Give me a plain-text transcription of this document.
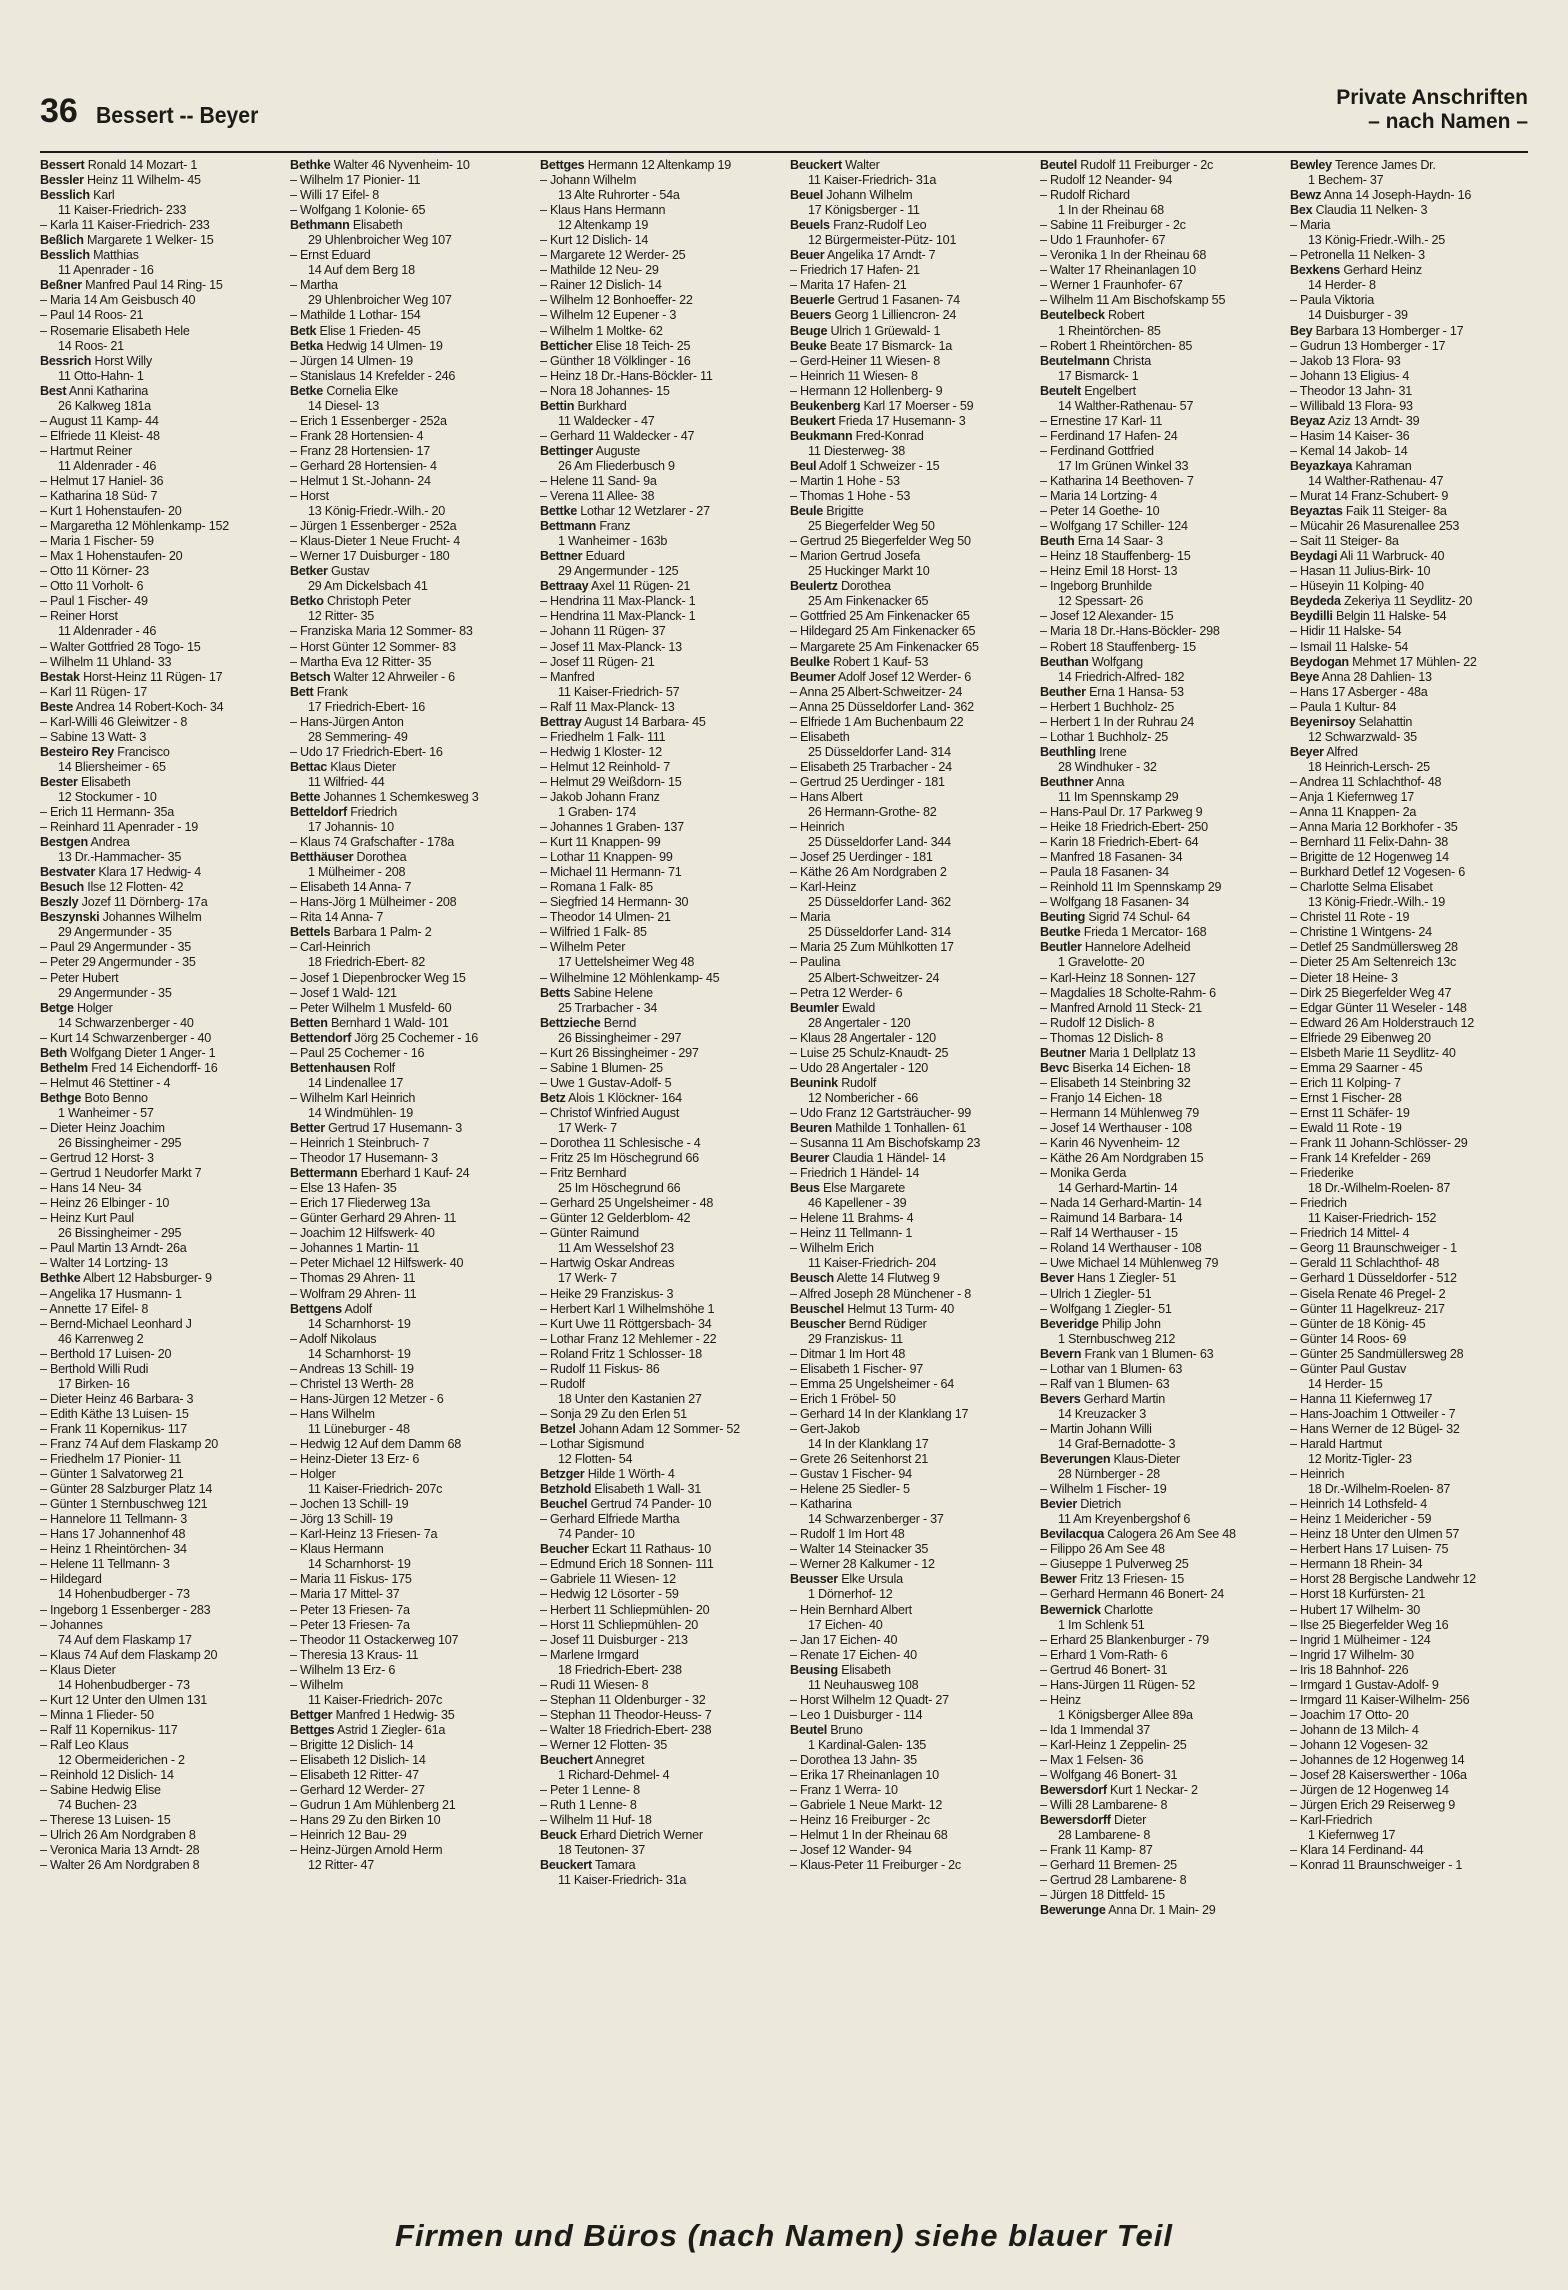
36 Bessert -- Beyer
Private Anschriften
– nach Namen –
Bessert Ronald 14 Mozart- 1
Bessler Heinz 11 Wilhelm- 45
Besslich Karl
11 Kaiser-Friedrich- 233
– Karla 11 Kaiser-Friedrich- 233
Beßlich Margarete 1 Welker- 15
Besslich Matthias
11 Apenrader - 16
Beßner Manfred Paul 14 Ring- 15
– Maria 14 Am Geisbusch 40
– Paul 14 Roos- 21
– Rosemarie Elisabeth Hele
14 Roos- 21
Bessrich Horst Willy
11 Otto-Hahn- 1
Best Anni Katharina
26 Kalkweg 181a
– August 11 Kamp- 44
– Elfriede 11 Kleist- 48
– Hartmut Reiner
11 Aldenrader - 46
– Helmut 17 Haniel- 36
– Katharina 18 Süd- 7
– Kurt 1 Hohenstaufen- 20
– Margaretha 12 Möhlenkamp- 152
– Maria 1 Fischer- 59
– Max 1 Hohenstaufen- 20
– Otto 11 Körner- 23
– Otto 11 Vorholt- 6
– Paul 1 Fischer- 49
– Reiner Horst
11 Aldenrader - 46
– Walter Gottfried 28 Togo- 15
– Wilhelm 11 Uhland- 33
Bestak Horst-Heinz 11 Rügen- 17
– Karl 11 Rügen- 17
Beste Andrea 14 Robert-Koch- 34
– Karl-Willi 46 Gleiwitzer - 8
– Sabine 13 Watt- 3
Besteiro Rey Francisco
14 Bliersheimer - 65
Bester Elisabeth
12 Stockumer - 10
– Erich 11 Hermann- 35a
– Reinhard 11 Apenrader - 19
Bestgen Andrea
13 Dr.-Hammacher- 35
Bestvater Klara 17 Hedwig- 4
Besuch Ilse 12 Flotten- 42
Beszly Jozef 11 Dörnberg- 17a
Beszynski Johannes Wilhelm
29 Angermunder - 35
– Paul 29 Angermunder - 35
– Peter 29 Angermunder - 35
– Peter Hubert
29 Angermunder - 35
Betge Holger
14 Schwarzenberger - 40
– Kurt 14 Schwarzenberger - 40
Beth Wolfgang Dieter 1 Anger- 1
Bethelm Fred 14 Eichendorff- 16
– Helmut 46 Stettiner - 4
Bethge Boto Benno
1 Wanheimer - 57
– Dieter Heinz Joachim
26 Bissingheimer - 295
– Gertrud 12 Horst- 3
– Gertrud 1 Neudorfer Markt 7
– Hans 14 Neu- 34
– Heinz 26 Elbinger - 10
– Heinz Kurt Paul
26 Bissingheimer - 295
– Paul Martin 13 Arndt- 26a
– Walter 14 Lortzing- 13
Bethke Albert 12 Habsburger- 9
– Angelika 17 Husmann- 1
– Annette 17 Eifel- 8
– Bernd-Michael Leonhard J
46 Karrenweg 2
– Berthold 17 Luisen- 20
– Berthold Willi Rudi
17 Birken- 16
– Dieter Heinz 46 Barbara- 3
– Edith Käthe 13 Luisen- 15
– Frank 11 Kopernikus- 117
– Franz 74 Auf dem Flaskamp 20
– Friedhelm 17 Pionier- 11
– Günter 1 Salvatorweg 21
– Günter 28 Salzburger Platz 14
– Günter 1 Sternbuschweg 121
– Hannelore 11 Tellmann- 3
– Hans 17 Johannenhof 48
– Heinz 1 Rheintörchen- 34
– Helene 11 Tellmann- 3
– Hildegard
14 Hohenbudberger - 73
– Ingeborg 1 Essenberger - 283
– Johannes
74 Auf dem Flaskamp 17
– Klaus 74 Auf dem Flaskamp 20
– Klaus Dieter
14 Hohenbudberger - 73
– Kurt 12 Unter den Ulmen 131
– Minna 1 Flieder- 50
– Ralf 11 Kopernikus- 117
– Ralf Leo Klaus
12 Obermeiderichen - 2
– Reinhold 12 Dislich- 14
– Sabine Hedwig Elise
74 Buchen- 23
– Therese 13 Luisen- 15
– Ulrich 26 Am Nordgraben 8
– Veronica Maria 13 Arndt- 28
– Walter 26 Am Nordgraben 8
Bethke Walter 46 Nyvenheim- 10
– Wilhelm 17 Pionier- 11
– Willi 17 Eifel- 8
– Wolfgang 1 Kolonie- 65
Bethmann Elisabeth
29 Uhlenbroicher Weg 107
– Ernst Eduard
14 Auf dem Berg 18
– Martha
29 Uhlenbroicher Weg 107
– Mathilde 1 Lothar- 154
Betk Elise 1 Frieden- 45
Betka Hedwig 14 Ulmen- 19
– Jürgen 14 Ulmen- 19
– Stanislaus 14 Krefelder - 246
Betke Cornelia Elke
14 Diesel- 13
– Erich 1 Essenberger - 252a
– Frank 28 Hortensien- 4
– Franz 28 Hortensien- 17
– Gerhard 28 Hortensien- 4
– Helmut 1 St.-Johann- 24
– Horst
13 König-Friedr.-Wilh.- 20
– Jürgen 1 Essenberger - 252a
– Klaus-Dieter 1 Neue Frucht- 4
– Werner 17 Duisburger - 180
Betker Gustav
29 Am Dickelsbach 41
Betko Christoph Peter
12 Ritter- 35
– Franziska Maria 12 Sommer- 83
– Horst Günter 12 Sommer- 83
– Martha Eva 12 Ritter- 35
Betsch Walter 12 Ahrweiler - 6
Bett Frank
17 Friedrich-Ebert- 16
– Hans-Jürgen Anton
28 Semmering- 49
– Udo 17 Friedrich-Ebert- 16
Bettac Klaus Dieter
11 Wilfried- 44
Bette Johannes 1 Schemkesweg 3
Betteldorf Friedrich
17 Johannis- 10
– Klaus 74 Grafschafter - 178a
Betthäuser Dorothea
1 Mülheimer - 208
– Elisabeth 14 Anna- 7
– Hans-Jörg 1 Mülheimer - 208
– Rita 14 Anna- 7
Bettels Barbara 1 Palm- 2
– Carl-Heinrich
18 Friedrich-Ebert- 82
– Josef 1 Diepenbrocker Weg 15
– Josef 1 Wald- 121
– Peter Wilhelm 1 Musfeld- 60
Betten Bernhard 1 Wald- 101
Bettendorf Jörg 25 Cochemer - 16
– Paul 25 Cochemer - 16
Bettenhausen Rolf
14 Lindenallee 17
– Wilhelm Karl Heinrich
14 Windmühlen- 19
Better Gertrud 17 Husemann- 3
– Heinrich 1 Steinbruch- 7
– Theodor 17 Husemann- 3
Bettermann Eberhard 1 Kauf- 24
– Else 13 Hafen- 35
– Erich 17 Fliederweg 13a
– Günter Gerhard 29 Ahren- 11
– Joachim 12 Hilfswerk- 40
– Johannes 1 Martin- 11
– Peter Michael 12 Hilfswerk- 40
– Thomas 29 Ahren- 11
– Wolfram 29 Ahren- 11
Bettgens Adolf
14 Scharnhorst- 19
– Adolf Nikolaus
14 Scharnhorst- 19
– Andreas 13 Schill- 19
– Christel 13 Werth- 28
– Hans-Jürgen 12 Metzer - 6
– Hans Wilhelm
11 Lüneburger - 48
– Hedwig 12 Auf dem Damm 68
– Heinz-Dieter 13 Erz- 6
– Holger
11 Kaiser-Friedrich- 207c
– Jochen 13 Schill- 19
– Jörg 13 Schill- 19
– Karl-Heinz 13 Friesen- 7a
– Klaus Hermann
14 Scharnhorst- 19
– Maria 11 Fiskus- 175
– Maria 17 Mittel- 37
– Peter 13 Friesen- 7a
– Peter 13 Friesen- 7a
– Theodor 11 Ostackerweg 107
– Theresia 13 Kraus- 11
– Wilhelm 13 Erz- 6
– Wilhelm
11 Kaiser-Friedrich- 207c
Bettger Manfred 1 Hedwig- 35
Bettges Astrid 1 Ziegler- 61a
– Brigitte 12 Dislich- 14
– Elisabeth 12 Dislich- 14
– Elisabeth 12 Ritter- 47
– Gerhard 12 Werder- 27
– Gudrun 1 Am Mühlenberg 21
– Hans 29 Zu den Birken 10
– Heinrich 12 Bau- 29
– Heinz-Jürgen Arnold Herm
12 Ritter- 47
Bettges Hermann 12 Altenkamp 19
– Johann Wilhelm
13 Alte Ruhrorter - 54a
– Klaus Hans Hermann
12 Altenkamp 19
– Kurt 12 Dislich- 14
– Margarete 12 Werder- 25
– Mathilde 12 Neu- 29
– Rainer 12 Dislich- 14
– Wilhelm 12 Bonhoeffer- 22
– Wilhelm 12 Eupener - 3
– Wilhelm 1 Moltke- 62
Betticher Elise 18 Teich- 25
– Günther 18 Völklinger - 16
– Heinz 18 Dr.-Hans-Böckler- 11
– Nora 18 Johannes- 15
Bettin Burkhard
11 Waldecker - 47
– Gerhard 11 Waldecker - 47
Bettinger Auguste
26 Am Fliederbusch 9
– Helene 11 Sand- 9a
– Verena 11 Allee- 38
Bettke Lothar 12 Wetzlarer - 27
Bettmann Franz
1 Wanheimer - 163b
Bettner Eduard
29 Angermunder - 125
Bettraay Axel 11 Rügen- 21
– Hendrina 11 Max-Planck- 1
– Hendrina 11 Max-Planck- 1
– Johann 11 Rügen- 37
– Josef 11 Max-Planck- 13
– Josef 11 Rügen- 21
– Manfred
11 Kaiser-Friedrich- 57
– Ralf 11 Max-Planck- 13
Bettray August 14 Barbara- 45
– Friedhelm 1 Falk- 111
– Hedwig 1 Kloster- 12
– Helmut 12 Reinhold- 7
– Helmut 29 Weißdorn- 15
– Jakob Johann Franz
1 Graben- 174
– Johannes 1 Graben- 137
– Kurt 11 Knappen- 99
– Lothar 11 Knappen- 99
– Michael 11 Hermann- 71
– Romana 1 Falk- 85
– Siegfried 14 Hermann- 30
– Theodor 14 Ulmen- 21
– Wilfried 1 Falk- 85
– Wilhelm Peter
17 Uettelsheimer Weg 48
– Wilhelmine 12 Möhlenkamp- 45
Betts Sabine Helene
25 Trarbacher - 34
Bettzieche Bernd
26 Bissingheimer - 297
– Kurt 26 Bissingheimer - 297
– Sabine 1 Blumen- 25
– Uwe 1 Gustav-Adolf- 5
Betz Alois 1 Klöckner- 164
– Christof Winfried August
17 Werk- 7
– Dorothea 11 Schlesische - 4
– Fritz 25 Im Höschegrund 66
– Fritz Bernhard
25 Im Höschegrund 66
– Gerhard 25 Ungelsheimer - 48
– Günter 12 Gelderblom- 42
– Günter Raimund
11 Am Wesselshof 23
– Hartwig Oskar Andreas
17 Werk- 7
– Heike 29 Franziskus- 3
– Herbert Karl 1 Wilhelmshöhe 1
– Kurt Uwe 11 Röttgersbach- 34
– Lothar Franz 12 Mehlemer - 22
– Roland Fritz 1 Schlosser- 18
– Rudolf 11 Fiskus- 86
– Rudolf
18 Unter den Kastanien 27
– Sonja 29 Zu den Erlen 51
Betzel Johann Adam 12 Sommer- 52
– Lothar Sigismund
12 Flotten- 54
Betzger Hilde 1 Wörth- 4
Betzhold Elisabeth 1 Wall- 31
Beuchel Gertrud 74 Pander- 10
– Gerhard Elfriede Martha
74 Pander- 10
Beucher Eckart 11 Rathaus- 10
– Edmund Erich 18 Sonnen- 111
– Gabriele 11 Wiesen- 12
– Hedwig 12 Lösorter - 59
– Herbert 11 Schliepmühlen- 20
– Horst 11 Schliepmühlen- 20
– Josef 11 Duisburger - 213
– Marlene Irmgard
18 Friedrich-Ebert- 238
– Rudi 11 Wiesen- 8
– Stephan 11 Oldenburger - 32
– Stephan 11 Theodor-Heuss- 7
– Walter 18 Friedrich-Ebert- 238
– Werner 12 Flotten- 35
Beuchert Annegret
1 Richard-Dehmel- 4
– Peter 1 Lenne- 8
– Ruth 1 Lenne- 8
– Wilhelm 11 Huf- 18
Beuck Erhard Dietrich Werner
18 Teutonen- 37
Beuckert Tamara
11 Kaiser-Friedrich- 31a
Beuckert Walter
11 Kaiser-Friedrich- 31a
Beuel Johann Wilhelm
17 Königsberger - 11
Beuels Franz-Rudolf Leo
12 Bürgermeister-Pütz- 101
Beuer Angelika 17 Arndt- 7
– Friedrich 17 Hafen- 21
– Marita 17 Hafen- 21
Beuerle Gertrud 1 Fasanen- 74
Beuers Georg 1 Lilliencron- 24
Beuge Ulrich 1 Grüewald- 1
Beuke Beate 17 Bismarck- 1a
– Gerd-Heiner 11 Wiesen- 8
– Heinrich 11 Wiesen- 8
– Hermann 12 Hollenberg- 9
Beukenberg Karl 17 Moerser - 59
Beukert Frieda 17 Husemann- 3
Beukmann Fred-Konrad
11 Diesterweg- 38
Beul Adolf 1 Schweizer - 15
– Martin 1 Hohe - 53
– Thomas 1 Hohe - 53
Beule Brigitte
25 Biegerfelder Weg 50
– Gertrud 25 Biegerfelder Weg 50
– Marion Gertrud Josefa
25 Huckinger Markt 10
Beulertz Dorothea
25 Am Finkenacker 65
– Gottfried 25 Am Finkenacker 65
– Hildegard 25 Am Finkenacker 65
– Margarete 25 Am Finkenacker 65
Beulke Robert 1 Kauf- 53
Beumer Adolf Josef 12 Werder- 6
– Anna 25 Albert-Schweitzer- 24
– Anna 25 Düsseldorfer Land- 362
– Elfriede 1 Am Buchenbaum 22
– Elisabeth
25 Düsseldorfer Land- 314
– Elisabeth 25 Trarbacher - 24
– Gertrud 25 Uerdinger - 181
– Hans Albert
26 Hermann-Grothe- 82
– Heinrich
25 Düsseldorfer Land- 344
– Josef 25 Uerdinger - 181
– Käthe 26 Am Nordgraben 2
– Karl-Heinz
25 Düsseldorfer Land- 362
– Maria
25 Düsseldorfer Land- 314
– Maria 25 Zum Mühlkotten 17
– Paulina
25 Albert-Schweitzer- 24
– Petra 12 Werder- 6
Beumler Ewald
28 Angertaler - 120
– Klaus 28 Angertaler - 120
– Luise 25 Schulz-Knaudt- 25
– Udo 28 Angertaler - 120
Beunink Rudolf
12 Nombericher - 66
– Udo Franz 12 Gartsträucher- 99
Beuren Mathilde 1 Tonhallen- 61
– Susanna 11 Am Bischofskamp 23
Beurer Claudia 1 Händel- 14
– Friedrich 1 Händel- 14
Beus Else Margarete
46 Kapellener - 39
– Helene 11 Brahms- 4
– Heinz 11 Tellmann- 1
– Wilhelm Erich
11 Kaiser-Friedrich- 204
Beusch Alette 14 Flutweg 9
– Alfred Joseph 28 Münchener - 8
Beuschel Helmut 13 Turm- 40
Beuscher Bernd Rüdiger
29 Franziskus- 11
– Ditmar 1 Im Hort 48
– Elisabeth 1 Fischer- 97
– Emma 25 Ungelsheimer - 64
– Erich 1 Fröbel- 50
– Gerhard 14 In der Klanklang 17
– Gert-Jakob
14 In der Klanklang 17
– Grete 26 Seitenhorst 21
– Gustav 1 Fischer- 94
– Helene 25 Siedler- 5
– Katharina
14 Schwarzenberger - 37
– Rudolf 1 Im Hort 48
– Walter 14 Steinacker 35
– Werner 28 Kalkumer - 12
Beusser Elke Ursula
1 Dörnerhof- 12
– Hein Bernhard Albert
17 Eichen- 40
– Jan 17 Eichen- 40
– Renate 17 Eichen- 40
Beusing Elisabeth
11 Neuhausweg 108
– Horst Wilhelm 12 Quadt- 27
– Leo 1 Duisburger - 114
Beutel Bruno
1 Kardinal-Galen- 135
– Dorothea 13 Jahn- 35
– Erika 17 Rheinanlagen 10
– Franz 1 Werra- 10
– Gabriele 1 Neue Markt- 12
– Heinz 16 Freiburger - 2c
– Helmut 1 In der Rheinau 68
– Josef 12 Wander- 94
– Klaus-Peter 11 Freiburger - 2c
Beutel Rudolf 11 Freiburger - 2c
– Rudolf 12 Neander- 94
– Rudolf Richard
1 In der Rheinau 68
– Sabine 11 Freiburger - 2c
– Udo 1 Fraunhofer- 67
– Veronika 1 In der Rheinau 68
– Walter 17 Rheinanlagen 10
– Werner 1 Fraunhofer- 67
– Wilhelm 11 Am Bischofskamp 55
Beutelbeck Robert
1 Rheintörchen- 85
– Robert 1 Rheintörchen- 85
Beutelmann Christa
17 Bismarck- 1
Beutelt Engelbert
14 Walther-Rathenau- 57
– Ernestine 17 Karl- 11
– Ferdinand 17 Hafen- 24
– Ferdinand Gottfried
17 Im Grünen Winkel 33
– Katharina 14 Beethoven- 7
– Maria 14 Lortzing- 4
– Peter 14 Goethe- 10
– Wolfgang 17 Schiller- 124
Beuth Erna 14 Saar- 3
– Heinz 18 Stauffenberg- 15
– Heinz Emil 18 Horst- 13
– Ingeborg Brunhilde
12 Spessart- 26
– Josef 12 Alexander- 15
– Maria 18 Dr.-Hans-Böckler- 298
– Robert 18 Stauffenberg- 15
Beuthan Wolfgang
14 Friedrich-Alfred- 182
Beuther Erna 1 Hansa- 53
– Herbert 1 Buchholz- 25
– Herbert 1 In der Ruhrau 24
– Lothar 1 Buchholz- 25
Beuthling Irene
28 Windhuker - 32
Beuthner Anna
11 Im Spennskamp 29
– Hans-Paul Dr. 17 Parkweg 9
– Heike 18 Friedrich-Ebert- 250
– Karin 18 Friedrich-Ebert- 64
– Manfred 18 Fasanen- 34
– Paula 18 Fasanen- 34
– Reinhold 11 Im Spennskamp 29
– Wolfgang 18 Fasanen- 34
Beuting Sigrid 74 Schul- 64
Beutke Frieda 1 Mercator- 168
Beutler Hannelore Adelheid
1 Gravelotte- 20
– Karl-Heinz 18 Sonnen- 127
– Magdalies 18 Scholte-Rahm- 6
– Manfred Arnold 11 Steck- 21
– Rudolf 12 Dislich- 8
– Thomas 12 Dislich- 8
Beutner Maria 1 Dellplatz 13
Bevc Biserka 14 Eichen- 18
– Elisabeth 14 Steinbring 32
– Franjo 14 Eichen- 18
– Hermann 14 Mühlenweg 79
– Josef 14 Werthauser - 108
– Karin 46 Nyvenheim- 12
– Käthe 26 Am Nordgraben 15
– Monika Gerda
14 Gerhard-Martin- 14
– Nada 14 Gerhard-Martin- 14
– Raimund 14 Barbara- 14
– Ralf 14 Werthauser - 15
– Roland 14 Werthauser - 108
– Uwe Michael 14 Mühlenweg 79
Bever Hans 1 Ziegler- 51
– Ulrich 1 Ziegler- 51
– Wolfgang 1 Ziegler- 51
Beveridge Philip John
1 Sternbuschweg 212
Bevern Frank van 1 Blumen- 63
– Lothar van 1 Blumen- 63
– Ralf van 1 Blumen- 63
Bevers Gerhard Martin
14 Kreuzacker 3
– Martin Johann Willi
14 Graf-Bernadotte- 3
Beverungen Klaus-Dieter
28 Nürnberger - 28
– Wilhelm 1 Fischer- 19
Bevier Dietrich
11 Am Kreyenbergshof 6
Bevilacqua Calogera 26 Am See 48
– Filippo 26 Am See 48
– Giuseppe 1 Pulverweg 25
Bewer Fritz 13 Friesen- 15
– Gerhard Hermann 46 Bonert- 24
Bewernick Charlotte
1 Im Schlenk 51
– Erhard 25 Blankenburger - 79
– Erhard 1 Vom-Rath- 6
– Gertrud 46 Bonert- 31
– Hans-Jürgen 11 Rügen- 52
– Heinz
1 Königsberger Allee 89a
– Ida 1 Immendal 37
– Karl-Heinz 1 Zeppelin- 25
– Max 1 Felsen- 36
– Wolfgang 46 Bonert- 31
Bewersdorf Kurt 1 Neckar- 2
– Willi 28 Lambarene- 8
Bewersdorff Dieter
28 Lambarene- 8
– Frank 11 Kamp- 87
– Gerhard 11 Bremen- 25
– Gertrud 28 Lambarene- 8
– Jürgen 18 Dittfeld- 15
Bewerunge Anna Dr. 1 Main- 29
Bewley Terence James Dr.
1 Bechem- 37
Bewz Anna 14 Joseph-Haydn- 16
Bex Claudia 11 Nelken- 3
– Maria
13 König-Friedr.-Wilh.- 25
– Petronella 11 Nelken- 3
Bexkens Gerhard Heinz
14 Herder- 8
– Paula Viktoria
14 Duisburger - 39
Bey Barbara 13 Homberger - 17
– Gudrun 13 Homberger - 17
– Jakob 13 Flora- 93
– Johann 13 Eligius- 4
– Theodor 13 Jahn- 31
– Willibald 13 Flora- 93
Beyaz Aziz 13 Arndt- 39
– Hasim 14 Kaiser- 36
– Kemal 14 Jakob- 14
Beyazkaya Kahraman
14 Walther-Rathenau- 47
– Murat 14 Franz-Schubert- 9
Beyaztas Faik 11 Steiger- 8a
– Mücahir 26 Masurenallee 253
– Sait 11 Steiger- 8a
Beydagi Ali 11 Warbruck- 40
– Hasan 11 Julius-Birk- 10
– Hüseyin 11 Kolping- 40
Beydeda Zekeriya 11 Seydlitz- 20
Beydilli Belgin 11 Halske- 54
– Hidir 11 Halske- 54
– Ismail 11 Halske- 54
Beydogan Mehmet 17 Mühlen- 22
Beye Anna 28 Dahlien- 13
– Hans 17 Asberger - 48a
– Paula 1 Kultur- 84
Beyenirsoy Selahattin
12 Schwarzwald- 35
Beyer Alfred
18 Heinrich-Lersch- 25
– Andrea 11 Schlachthof- 48
– Anja 1 Kiefernweg 17
– Anna 11 Knappen- 2a
– Anna Maria 12 Borkhofer - 35
– Bernhard 11 Felix-Dahn- 38
– Brigitte de 12 Hogenweg 14
– Burkhard Detlef 12 Vogesen- 6
– Charlotte Selma Elisabet
13 König-Friedr.-Wilh.- 19
– Christel 11 Rote - 19
– Christine 1 Wintgens- 24
– Detlef 25 Sandmüllersweg 28
– Dieter 25 Am Seltenreich 13c
– Dieter 18 Heine- 3
– Dirk 25 Biegerfelder Weg 47
– Edgar Günter 11 Weseler - 148
– Edward 26 Am Holderstrauch 12
– Elfriede 29 Eibenweg 20
– Elsbeth Marie 11 Seydlitz- 40
– Emma 29 Saarner - 45
– Erich 11 Kolping- 7
– Ernst 1 Fischer- 28
– Ernst 11 Schäfer- 19
– Ewald 11 Rote - 19
– Frank 11 Johann-Schlösser- 29
– Frank 14 Krefelder - 269
– Friederike
18 Dr.-Wilhelm-Roelen- 87
– Friedrich
11 Kaiser-Friedrich- 152
– Friedrich 14 Mittel- 4
– Georg 11 Braunschweiger - 1
– Gerald 11 Schlachthof- 48
– Gerhard 1 Düsseldorfer - 512
– Gisela Renate 46 Pregel- 2
– Günter 11 Hagelkreuz- 217
– Günter de 18 König- 45
– Günter 14 Roos- 69
– Günter 25 Sandmüllersweg 28
– Günter Paul Gustav
14 Herder- 15
– Hanna 11 Kiefernweg 17
– Hans-Joachim 1 Ottweiler - 7
– Hans Werner de 12 Bügel- 32
– Harald Hartmut
12 Moritz-Tigler- 23
– Heinrich
18 Dr.-Wilhelm-Roelen- 87
– Heinrich 14 Lothsfeld- 4
– Heinz 1 Meidericher - 59
– Heinz 18 Unter den Ulmen 57
– Herbert Hans 17 Luisen- 75
– Hermann 18 Rhein- 34
– Horst 28 Bergische Landwehr 12
– Horst 18 Kurfürsten- 21
– Hubert 17 Wilhelm- 30
– Ilse 25 Biegerfelder Weg 16
– Ingrid 1 Mülheimer - 124
– Ingrid 17 Wilhelm- 30
– Iris 18 Bahnhof- 226
– Irmgard 1 Gustav-Adolf- 9
– Irmgard 11 Kaiser-Wilhelm- 256
– Joachim 17 Otto- 20
– Johann de 13 Milch- 4
– Johann 12 Vogesen- 32
– Johannes de 12 Hogenweg 14
– Josef 28 Kaiserswerther - 106a
– Jürgen de 12 Hogenweg 14
– Jürgen Erich 29 Reiserweg 9
– Karl-Friedrich
1 Kiefernweg 17
– Klara 14 Ferdinand- 44
– Konrad 11 Braunschweiger - 1
Firmen und Büros (nach Namen) siehe blauer Teil
